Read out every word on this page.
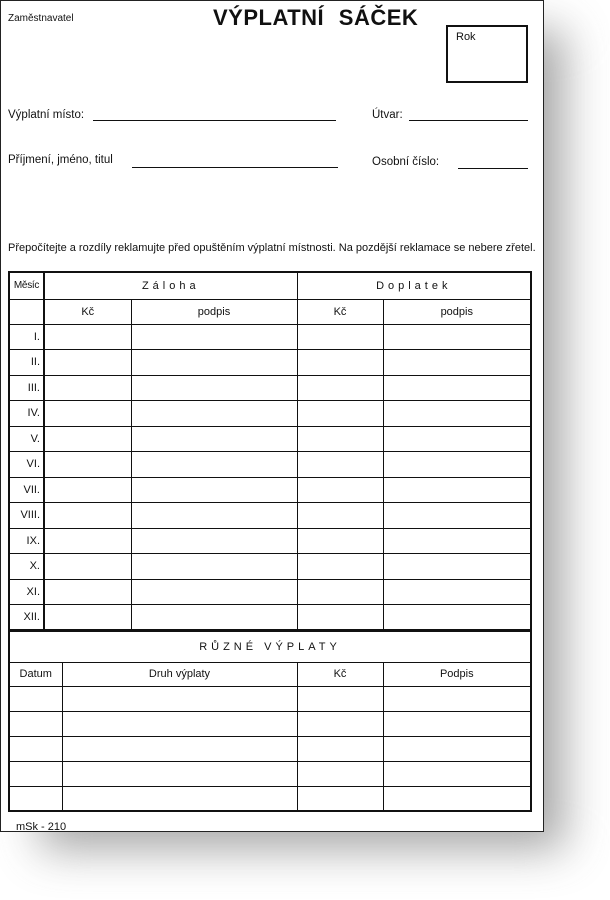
Zaměstnavatel	VÝPLATNÍ SÁČEK
Rok
Výplatní místo:	Útvar:
Příjmení, jméno, titul	Osobní číslo:
Přepočítejte a rozdíly reklamujte před opuštěním výplatní místnosti. Na pozdější reklamace se nebere zřetel.
Měsíc	Záloha		Doplatek	
	Kč	podpis	Kč	podpis
I.				
II.				
III.				
IV.				
V.				
VI.				
VII.				
VIII.				
IX.				
X.				
XI.				
XII.				
RŮZNÉ VÝPLATY			
Datum	Druh výplaty	Kč	Podpis

mSk - 210
